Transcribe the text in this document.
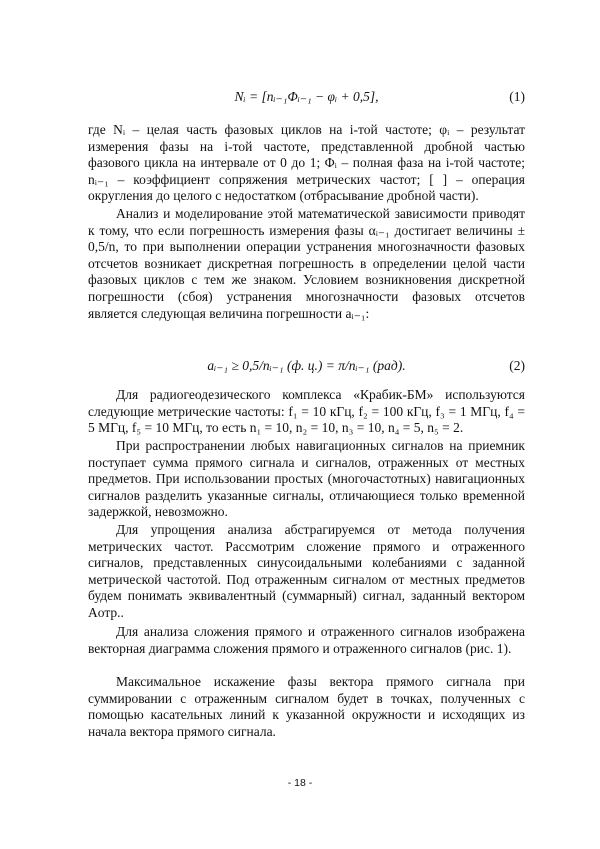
Nᵢ = [nᵢ₋₁Φᵢ₋₁ − φᵢ + 0,5],	(1)

где Nᵢ – целая часть фазовых циклов на i-той частоте; φᵢ – результат измерения фазы на i-той частоте, представленной дробной частью фазового цикла на интервале от 0 до 1; Φᵢ – полная фаза на i-той частоте; nᵢ₋₁ – коэффициент сопряжения метрических частот; [ ] – операция округления до целого с недостатком (отбрасывание дробной части).

Анализ и моделирование этой математической зависимости приводят к тому, что если погрешность измерения фазы αᵢ₋₁ достигает величины ± 0,5/n, то при выполнении операции устранения многозначности фазовых отсчетов возникает дискретная погрешность в определении целой части фазовых циклов с тем же знаком. Условием возникновения дискретной погрешности (сбоя) устранения многозначности фазовых отсчетов является следующая величина погрешности aᵢ₋₁:

aᵢ₋₁ ≥ 0,5/nᵢ₋₁ (ф. ц.) = π/nᵢ₋₁ (рад).	(2)

Для радиогеодезического комплекса «Крабик-БМ» используются следующие метрические частоты: f₁ = 10 кГц, f₂ = 100 кГц, f₃ = 1 МГц, f₄ = 5 МГц, f₅ = 10 МГц, то есть n₁ = 10, n₂ = 10, n₃ = 10, n₄ = 5, n₅ = 2.

При распространении любых навигационных сигналов на приемник поступает сумма прямого сигнала и сигналов, отраженных от местных предметов. При использовании простых (многочастотных) навигационных сигналов разделить указанные сигналы, отличающиеся только временной задержкой, невозможно.

Для упрощения анализа абстрагируемся от метода получения метрических частот. Рассмотрим сложение прямого и отраженного сигналов, представленных синусоидальными колебаниями с заданной метрической частотой. Под отраженным сигналом от местных предметов будем понимать эквивалентный (суммарный) сигнал, заданный вектором Aотр..

Для анализа сложения прямого и отраженного сигналов изображена векторная диаграмма сложения прямого и отраженного сигналов (рис. 1).

Максимальное искажение фазы вектора прямого сигнала при суммировании с отраженным сигналом будет в точках, полученных с помощью касательных линий к указанной окружности и исходящих из начала вектора прямого сигнала.

- 18 -
